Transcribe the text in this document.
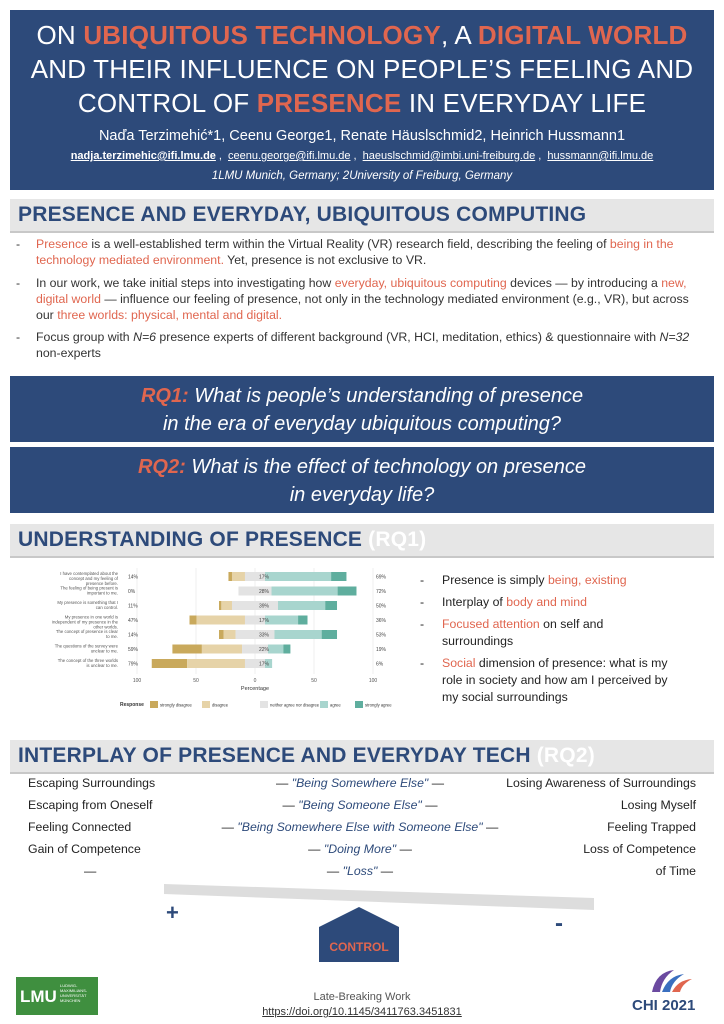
ON UBIQUITOUS TECHNOLOGY, A DIGITAL WORLD
AND THEIR INFLUENCE ON PEOPLE’S FEELING AND
CONTROL OF PRESENCE IN EVERYDAY LIFE
Naďa Terzimehić*1, Ceenu George1, Renate Häuslschmid2, Heinrich Hussmann1
nadja.terzimehic@ifi.lmu.de , ceenu.george@ifi.lmu.de , haeuslschmid@imbi.uni-freiburg.de , hussmann@ifi.lmu.de
1LMU Munich, Germany; 2University of Freiburg, Germany
PRESENCE AND EVERYDAY, UBIQUITOUS COMPUTING
- Presence is a well-established term within the Virtual Reality (VR) research field, describing the feeling of being in the technology mediated environment. Yet, presence is not exclusive to VR.
- In our work, we take initial steps into investigating how everyday, ubiquitous computing devices — by introducing a new, digital world — influence our feeling of presence, not only in the technology mediated environment (e.g., VR), but across our three worlds: physical, mental and digital.
- Focus group with N=6 presence experts of different background (VR, HCI, meditation, ethics) & questionnaire with N=32 non-experts
RQ1: What is people’s understanding of presence
in the era of everyday ubiquitous computing?
RQ2: What is the effect of technology on presence
in everyday life?
UNDERSTANDING OF PRESENCE (RQ1)
I have contemplated about the concept and my feeling of presence before.
14%	17%	69%
The feeling of being present is important to me. 0%	28%	72%
My presence is something that I can control. 11%	39%	50%
My presence in one world is independent of my presence in the other worlds.
47%	17%	36%
The concept of presence is clear to me. 14%	33%	53%
The questions of the survey were unclear to me. 59%	22%	19%
The concept of the three worlds is unclear to me. 79%	17%	6%
100	50	0	50	100
Percentage
Response	strongly disagree	disagree	neither agree nor disagree	agree	strongly agree
- Presence is simply being, existing
- Interplay of body and mind
- Focused attention on self and surroundings
- Social dimension of presence: what is my role in society and how am I perceived by my social surroundings
INTERPLAY OF PRESENCE AND EVERYDAY TECH (RQ2)
Escaping Surroundings	— "Being Somewhere Else" —	Losing Awareness of Surroundings
Escaping from Oneself	— "Being Someone Else" —	Losing Myself
Feeling Connected	— "Being Somewhere Else with Someone Else" —	Feeling Trapped
Gain of Competence	— "Doing More" —	Loss of Competence
—	— "Loss" —	of Time
+	-
CONTROL
LMU
LUDWIG-MAXIMILIANS-UNIVERSITÄT MÜNCHEN	Late-Breaking Work
https://doi.org/10.1145/3411763.3451831	CHI 2021
